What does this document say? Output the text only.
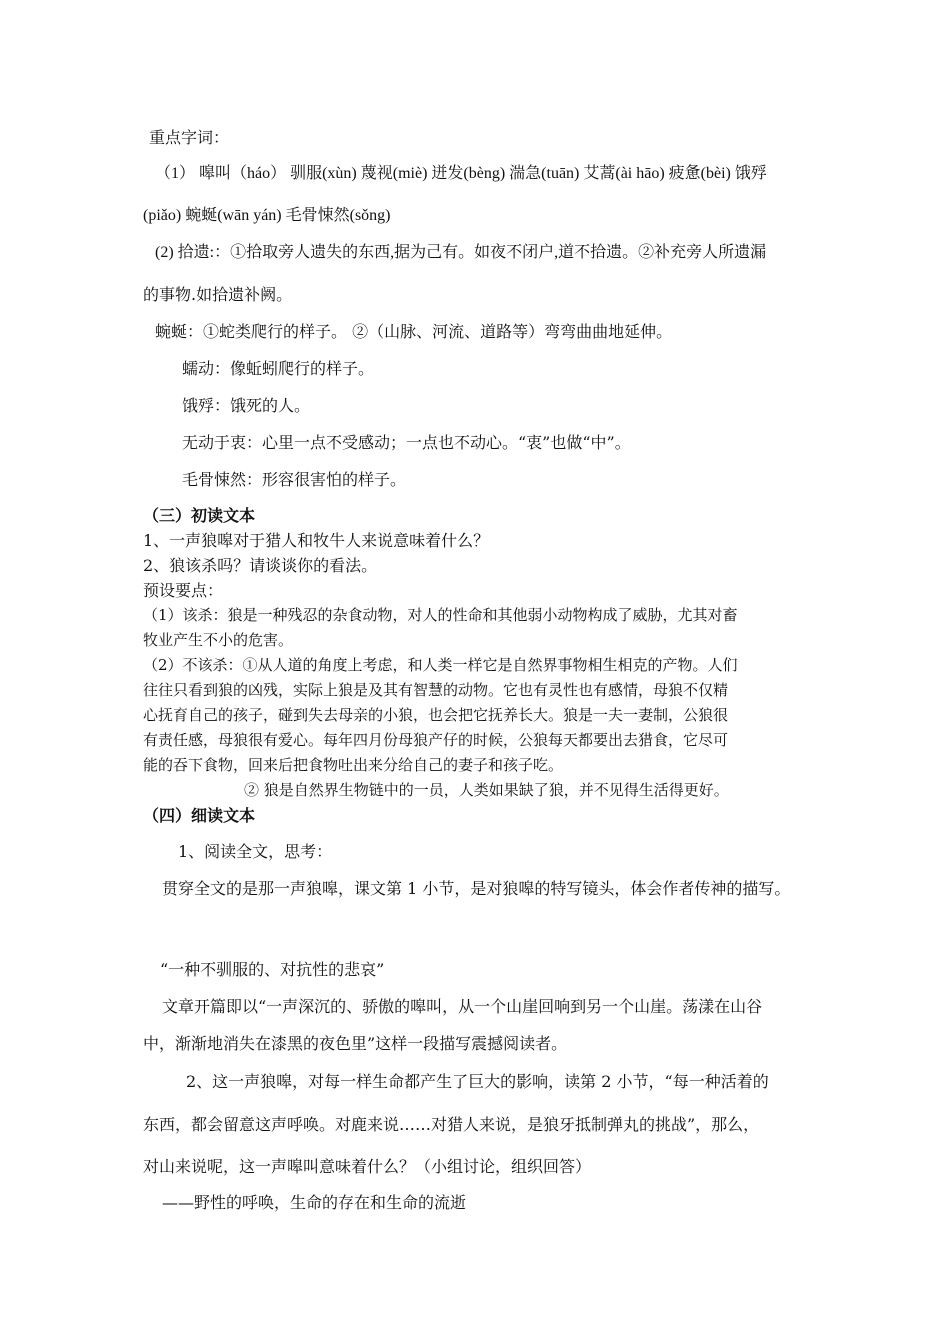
重点字词：

（1） 嗥叫（háo） 驯服(xùn) 蔑视(miè) 迸发(bèng) 湍急(tuān) 艾蒿(ài hāo) 疲惫(bèi) 饿殍

(piǎo) 蜿蜒(wān yán) 毛骨悚然(sǒng)

(2) 拾遗:：①拾取旁人遗失的东西,据为己有。如夜不闭户,道不拾遗。②补充旁人所遗漏

的事物.如拾遗补阙。

蜿蜒：①蛇类爬行的样子。 ②（山脉、河流、道路等）弯弯曲曲地延伸。

蠕动：像蚯蚓爬行的样子。

饿殍：饿死的人。

无动于衷：心里一点不受感动；一点也不动心。“衷”也做“中”。

毛骨悚然：形容很害怕的样子。

（三）初读文本

1、一声狼嗥对于猎人和牧牛人来说意味着什么？

2、狼该杀吗？请谈谈你的看法。

预设要点：

（1）该杀：狼是一种残忍的杂食动物，对人的性命和其他弱小动物构成了威胁，尤其对畜

牧业产生不小的危害。

（2）不该杀：①从人道的角度上考虑，和人类一样它是自然界事物相生相克的产物。人们

往往只看到狼的凶残，实际上狼是及其有智慧的动物。它也有灵性也有感情，母狼不仅精

心抚育自己的孩子，碰到失去母亲的小狼，也会把它抚养长大。狼是一夫一妻制，公狼很

有责任感，母狼很有爱心。每年四月份母狼产仔的时候，公狼每天都要出去猎食，它尽可

能的吞下食物，回来后把食物吐出来分给自己的妻子和孩子吃。

② 狼是自然界生物链中的一员，人类如果缺了狼，并不见得生活得更好。

（四）细读文本

1、阅读全文，思考：

贯穿全文的是那一声狼嗥，课文第 1 小节，是对狼嗥的特写镜头，体会作者传神的描写。

“一种不驯服的、对抗性的悲哀”

文章开篇即以“一声深沉的、骄傲的嗥叫，从一个山崖回响到另一个山崖。荡漾在山谷

中，渐渐地消失在漆黑的夜色里”这样一段描写震撼阅读者。

2、这一声狼嗥，对每一样生命都产生了巨大的影响，读第 2 小节，“每一种活着的

东西，都会留意这声呼唤。对鹿来说……对猎人来说，是狼牙抵制弹丸的挑战”，那么，

对山来说呢，这一声嗥叫意味着什么？（小组讨论，组织回答）

——野性的呼唤，生命的存在和生命的流逝
